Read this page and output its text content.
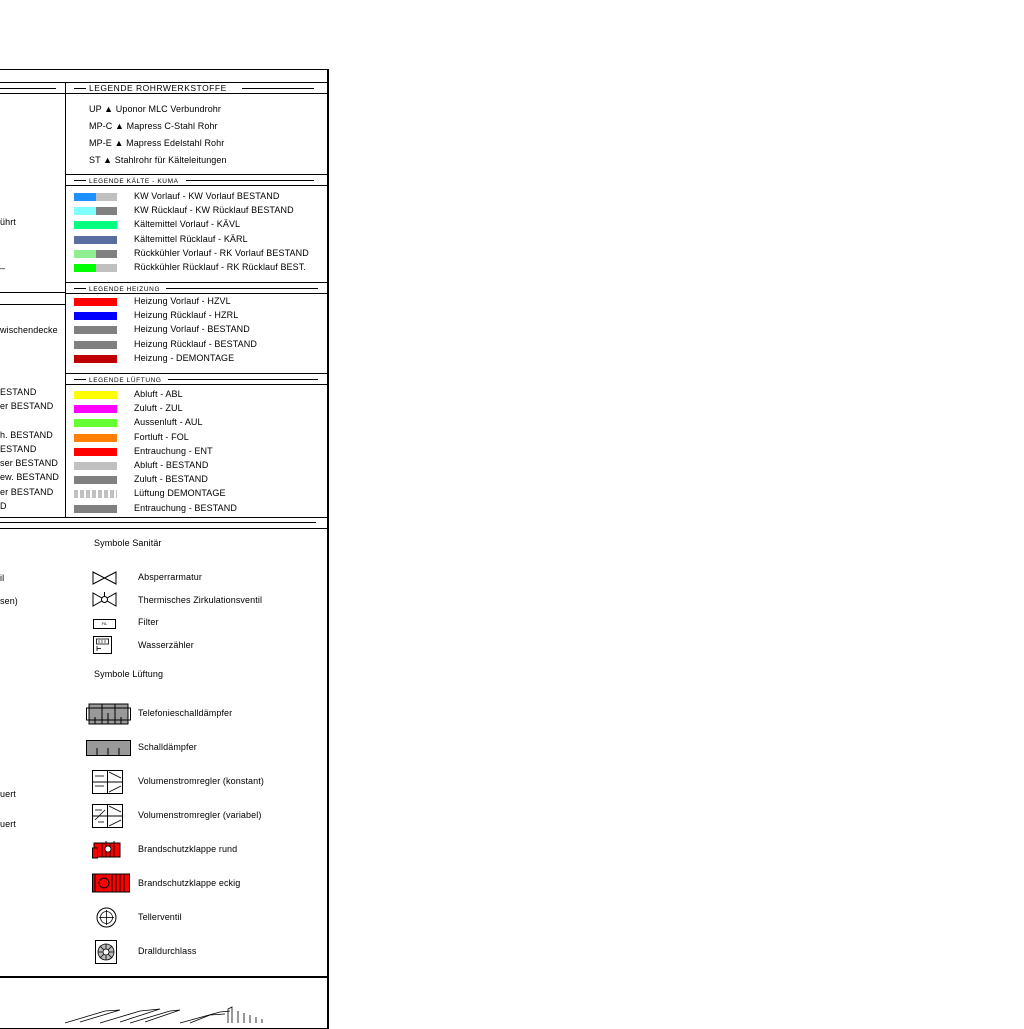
LEGENDE ROHRWERKSTOFFE
UP ▲ Uponor MLC Verbundrohr
MP-C ▲ Mapress C-Stahl Rohr
MP-E ▲ Mapress Edelstahl Rohr
ST ▲ Stahlrohr für Kälteleitungen
LEGENDE KÄLTE - KUMA
KW Vorlauf - KW Vorlauf BESTAND
KW Rücklauf - KW Rücklauf BESTAND
Kältemittel Vorlauf - KÄVL
Kältemittel Rücklauf - KÄRL
Rückkühler Vorlauf - RK Vorlauf BESTAND
Rückkühler Rücklauf - RK Rücklauf BEST.
LEGENDE HEIZUNG
Heizung Vorlauf - HZVL
Heizung Rücklauf - HZRL
Heizung Vorlauf - BESTAND
Heizung Rücklauf - BESTAND
Heizung - DEMONTAGE
LEGENDE LÜFTUNG
Abluft - ABL
Zuluft - ZUL
Aussenluft - AUL
Fortluft - FOL
Entrauchung - ENT
Abluft - BESTAND
Zuluft - BESTAND
Lüftung DEMONTAGE
Entrauchung - BESTAND
ührt
–
wischendecke
ESTAND
er BESTAND
h. BESTAND
ESTAND
ser BESTAND
ew. BESTAND
er BESTAND
D
il
sen)
uert
uert
Symbole Sanitär
Absperrarmatur
Thermisches Zirkulationsventil
FIL	Filter
Wasserzähler
Symbole Lüftung
Telefonieschalldämpfer
Schalldämpfer
Volumenstromregler (konstant)
Volumenstromregler (variabel)
Brandschutzklappe rund
Brandschutzklappe eckig
Tellerventil
Dralldurchlass
